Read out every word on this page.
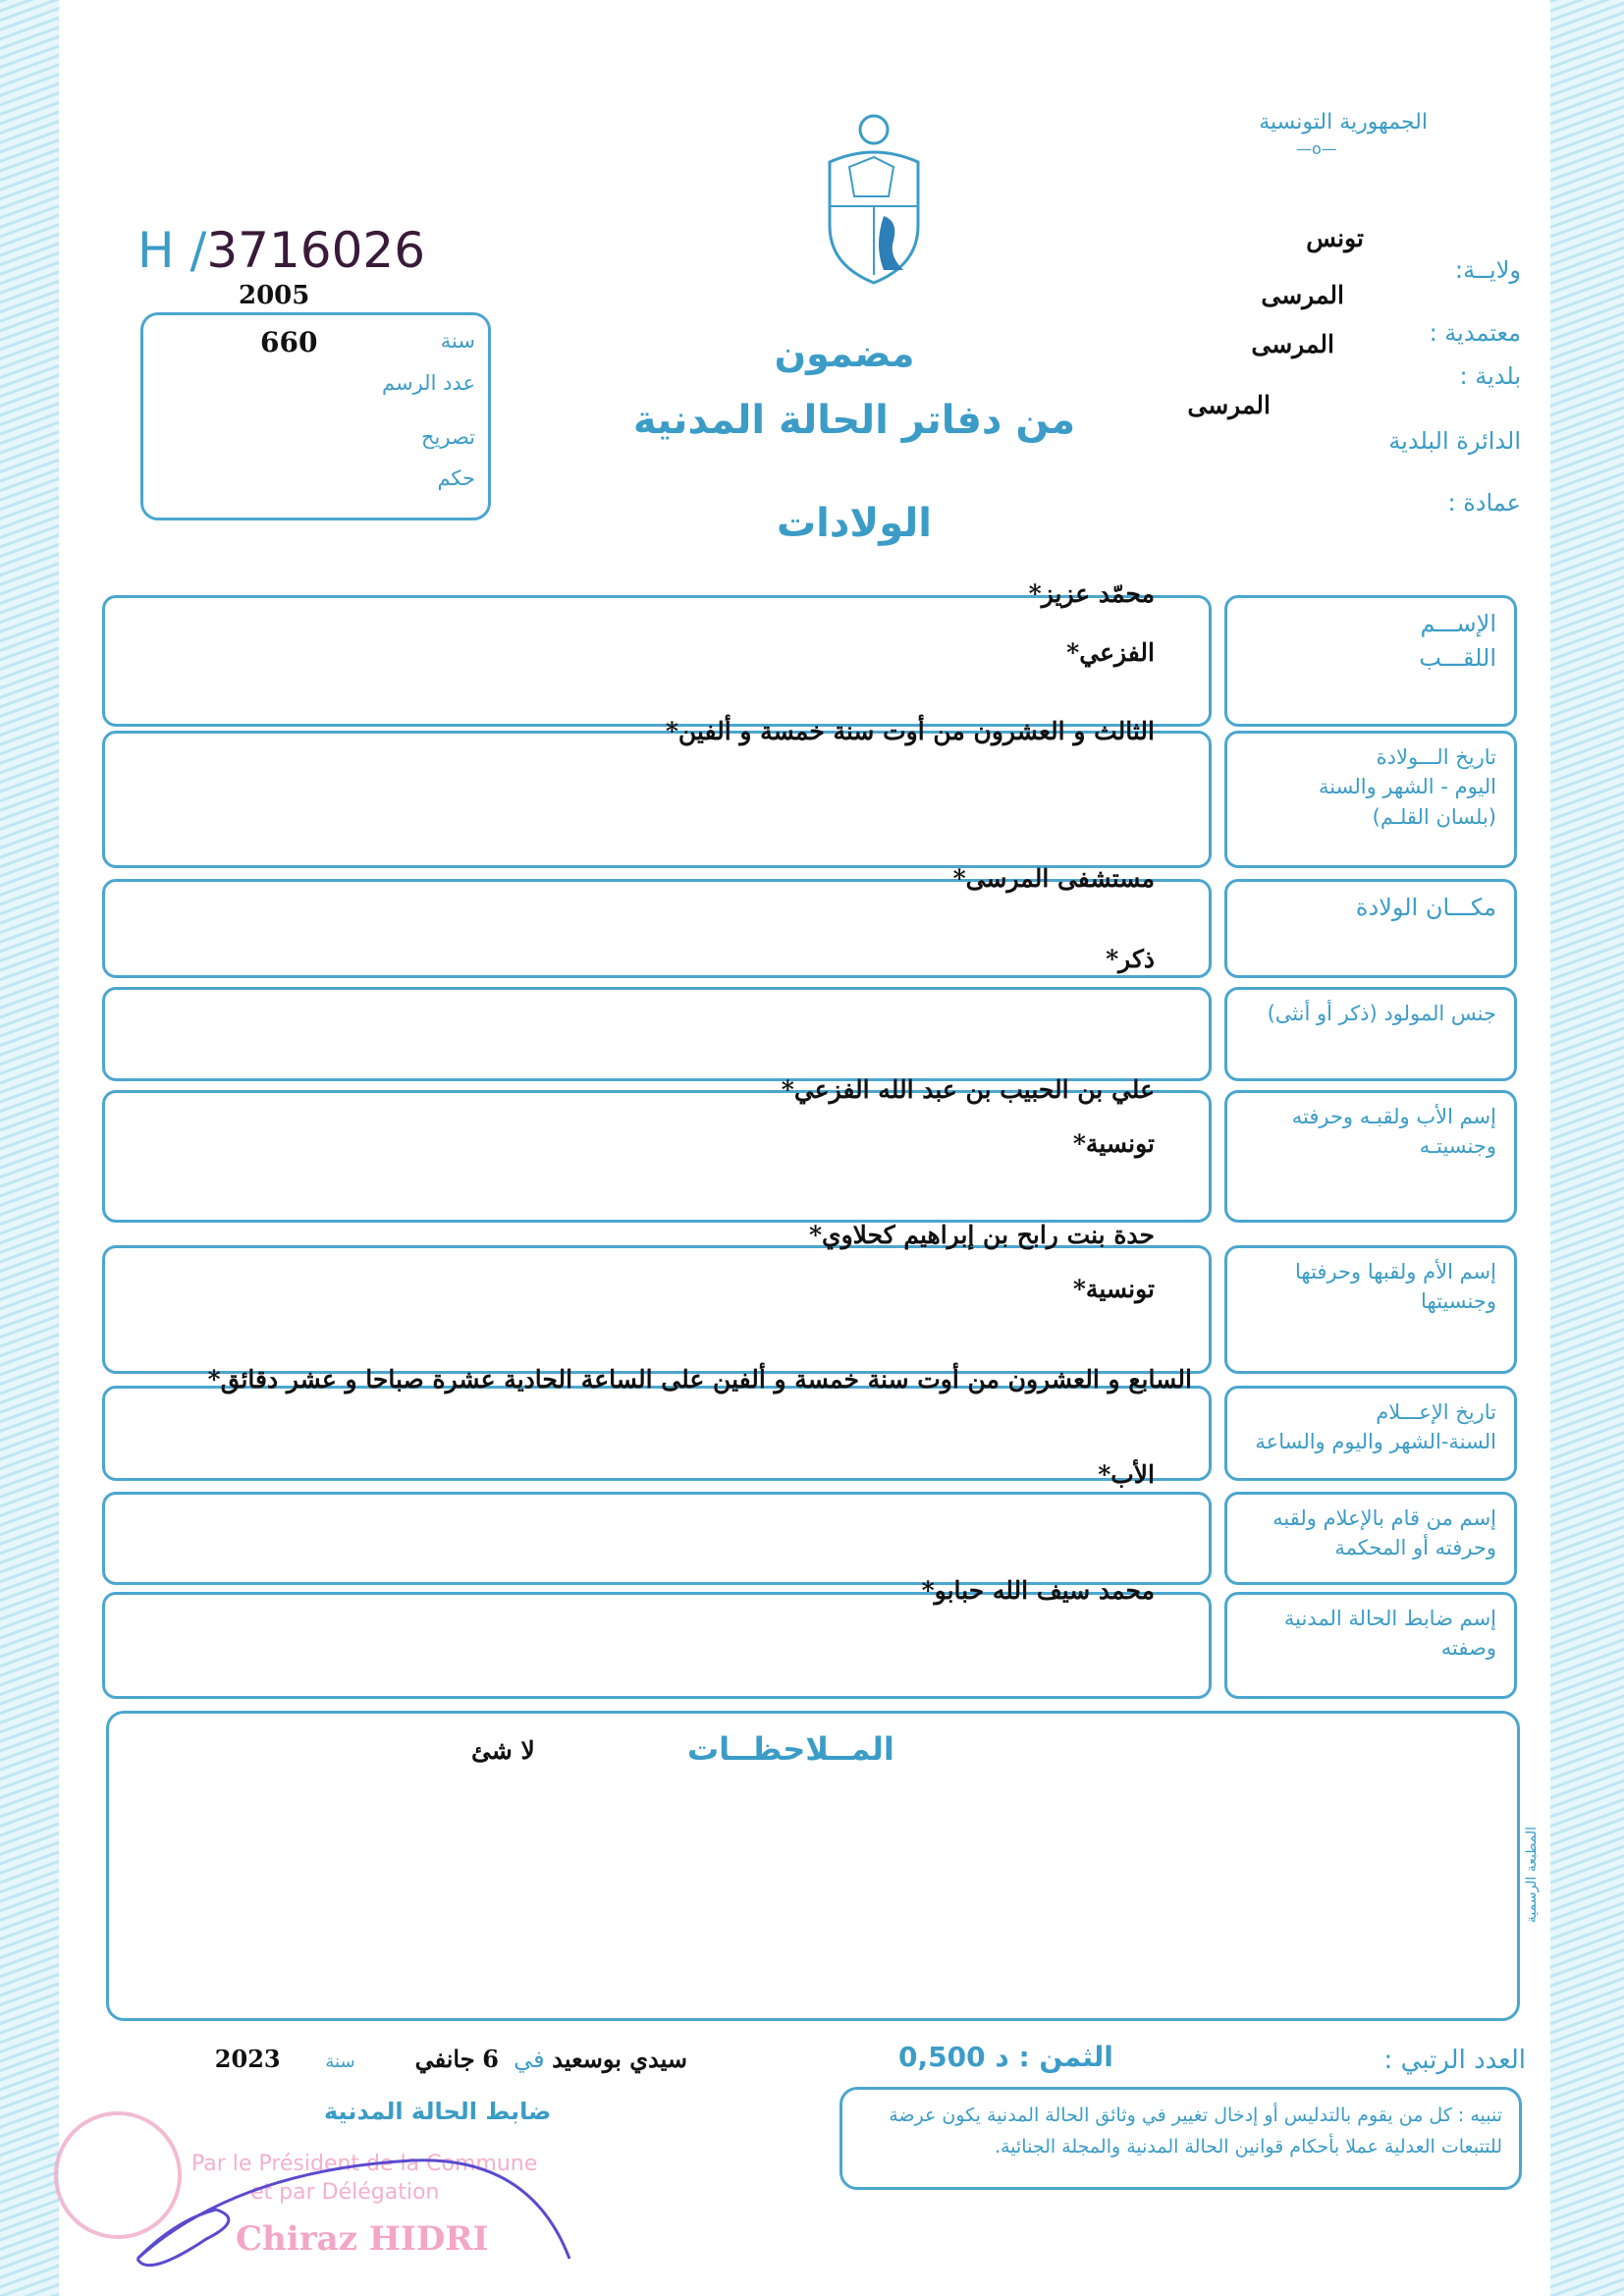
الجمهورية التونسية
—o—
ولايــة:
تونس
المرسى
معتمدية :
المرسى
بلدية :
المرسى
الدائرة البلدية
عمادة :
H /3716026
2005
660	سنة
عدد الرسم
تصريح
حكم
مضمون
من دفاتر الحالة المدنية
الولادات
الإســـم
اللقـــب
محمّد عزيز*
الفزعي*
تاريخ الـــولادة
اليوم - الشهر والسنة
(بلسان القلـم)
الثالث و العشرون من أوت سنة خمسة و ألفين*
مكـــان الولادة
مستشفى المرسى*
جنس المولود (ذكر أو أنثى)
ذكر*
إسم الأب ولقبـه وحرفته
وجنسيتـه
علي بن الحبيب بن عبد الله الفزعي*
تونسية*
إسم الأم ولقبها وحرفتها
وجنسيتها
حدة بنت رابح بن إبراهيم كحلاوي*
تونسية*
تاريخ الإعـــلام
السنة-الشهر واليوم والساعة
السابع و العشرون من أوت سنة خمسة و ألفين على الساعة الحادية عشرة صباحا و عشر دقائق*
إسم من قام بالإعلام ولقبه
وحرفته أو المحكمة
الأب*
إسم ضابط الحالة المدنية
وصفته
محمد سيف الله حبابو*
المــلاحظــات
لا شئ
العدد الرتبي :
الثمن : 0,500 د
سيدي بوسعيد في  6 جانفي        سنة      2023
ضابط الحالة المدنية	تنبيه : كل من يقوم بالتدليس أو إدخال تغيير في وثائق الحالة المدنية يكون عرضة للتتبعات العدلية عملا بأحكام قوانين الحالة المدنية والمجلة الجنائية.
Par le Président de la Commune
et par Délégation
Chiraz HIDRI
المطبعة الرسمية
